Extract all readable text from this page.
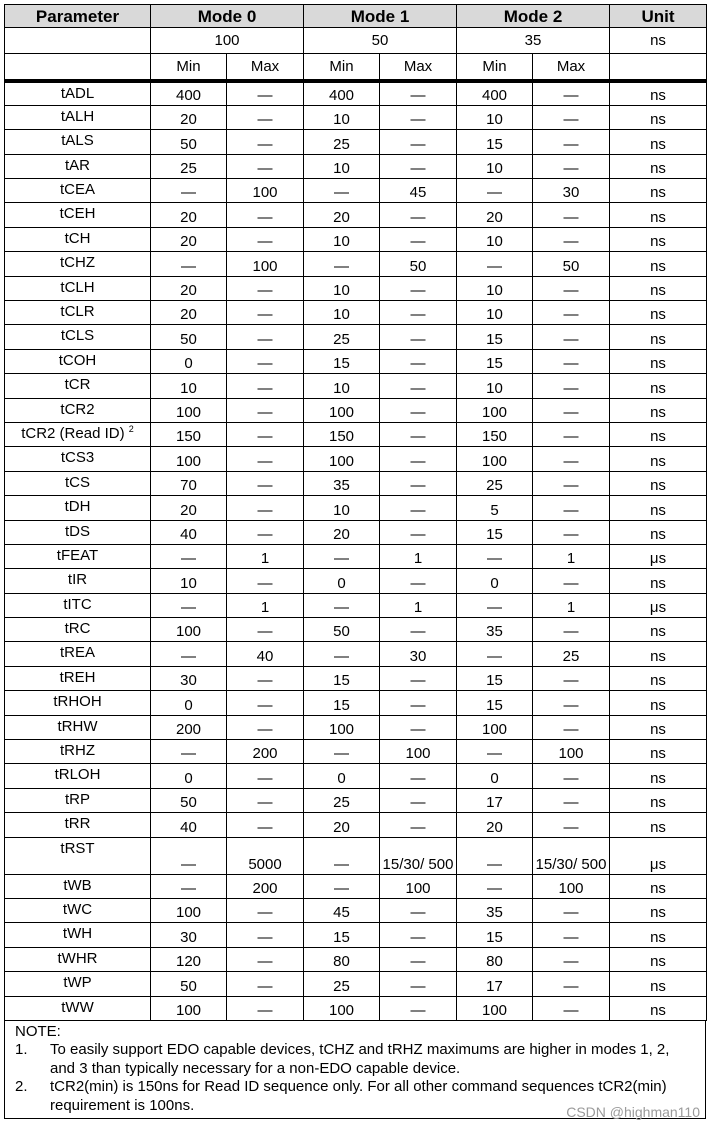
Parameter	Mode 0		Mode 1		Mode 2		Unit
	100		50		35		ns
	Min	Max	Min	Max	Min	Max	
tADL	400	—	400	—	400	—	ns
tALH	20	—	10	—	10	—	ns
tALS	50	—	25	—	15	—	ns
tAR	25	—	10	—	10	—	ns
tCEA	—	100	—	45	—	30	ns
tCEH	20	—	20	—	20	—	ns
tCH	20	—	10	—	10	—	ns
tCHZ	—	100	—	50	—	50	ns
tCLH	20	—	10	—	10	—	ns
tCLR	20	—	10	—	10	—	ns
tCLS	50	—	25	—	15	—	ns
tCOH	0	—	15	—	15	—	ns
tCR	10	—	10	—	10	—	ns
tCR2	100	—	100	—	100	—	ns
tCR2 (Read ID) $^2$	150	—	150	—	150	—	ns
tCS3	100	—	100	—	100	—	ns
tCS	70	—	35	—	25	—	ns
tDH	20	—	10	—	5	—	ns
tDS	40	—	20	—	15	—	ns
tFEAT	—	1	—	1	—	1	μs
tIR	10	—	0	—	0	—	ns
tITC	—	1	—	1	—	1	μs
tRC	100	—	50	—	35	—	ns
tREA	—	40	—	30	—	25	ns
tREH	30	—	15	—	15	—	ns
tRHOH	0	—	15	—	15	—	ns
tRHW	200	—	100	—	100	—	ns
tRHZ	—	200	—	100	—	100	ns
tRLOH	0	—	0	—	0	—	ns
tRP	50	—	25	—	17	—	ns
tRR	40	—	20	—	20	—	ns
tRST	—	5000	—	15/30/ 500	—	15/30/ 500	μs
tWB	—	200	—	100	—	100	ns
tWC	100	—	45	—	35	—	ns
tWH	30	—	15	—	15	—	ns
tWHR	120	—	80	—	80	—	ns
tWP	50	—	25	—	17	—	ns
tWW	100	—	100	—	100	—	ns
NOTE:
1.	To easily support EDO capable devices, tCHZ and tRHZ maximums are higher in modes 1, 2, and 3 than typically necessary for a non-EDO capable device.
2.	tCR2(min) is 150ns for Read ID sequence only. For all other command sequences tCR2(min) requirement is 100ns.	CSDN @highman110
